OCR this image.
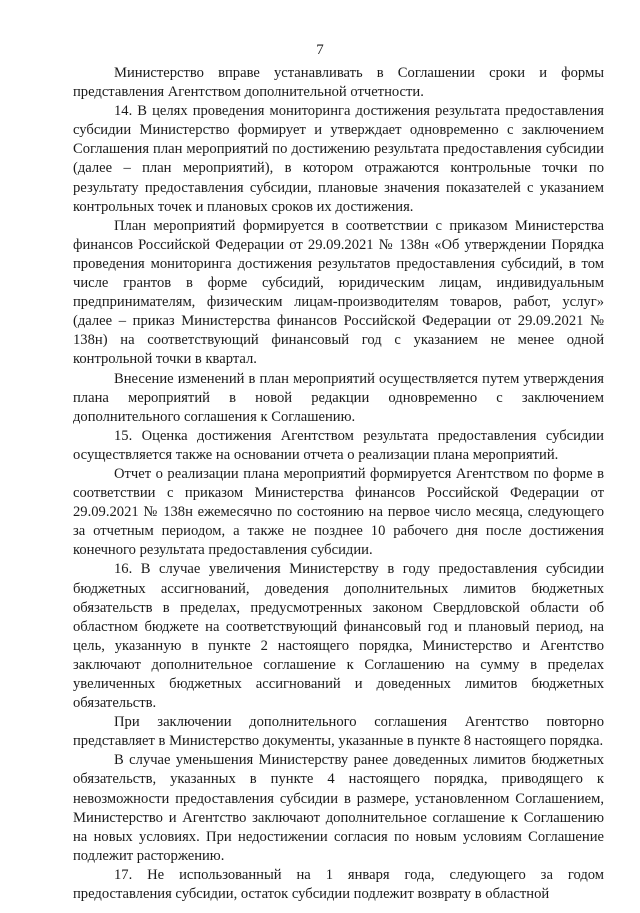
7

Министерство вправе устанавливать в Соглашении сроки и формы представления Агентством дополнительной отчетности.

14. В целях проведения мониторинга достижения результата предоставления субсидии Министерство формирует и утверждает одновременно с заключением Соглашения план мероприятий по достижению результата предоставления субсидии (далее – план мероприятий), в котором отражаются контрольные точки по результату предоставления субсидии, плановые значения показателей с указанием контрольных точек и плановых сроков их достижения.

План мероприятий формируется в соответствии с приказом Министерства финансов Российской Федерации от 29.09.2021 № 138н «Об утверждении Порядка проведения мониторинга достижения результатов предоставления субсидий, в том числе грантов в форме субсидий, юридическим лицам, индивидуальным предпринимателям, физическим лицам-производителям товаров, работ, услуг» (далее – приказ Министерства финансов Российской Федерации от 29.09.2021 № 138н) на соответствующий финансовый год с указанием не менее одной контрольной точки в квартал.

Внесение изменений в план мероприятий осуществляется путем утверждения плана мероприятий в новой редакции одновременно с заключением дополнительного соглашения к Соглашению.

15. Оценка достижения Агентством результата предоставления субсидии осуществляется также на основании отчета о реализации плана мероприятий.

Отчет о реализации плана мероприятий формируется Агентством по форме в соответствии с приказом Министерства финансов Российской Федерации от 29.09.2021 № 138н ежемесячно по состоянию на первое число месяца, следующего за отчетным периодом, а также не позднее 10 рабочего дня после достижения конечного результата предоставления субсидии.

16. В случае увеличения Министерству в году предоставления субсидии бюджетных ассигнований, доведения дополнительных лимитов бюджетных обязательств в пределах, предусмотренных законом Свердловской области об областном бюджете на соответствующий финансовый год и плановый период, на цель, указанную в пункте 2 настоящего порядка, Министерство и Агентство заключают дополнительное соглашение к Соглашению на сумму в пределах увеличенных бюджетных ассигнований и доведенных лимитов бюджетных обязательств.

При заключении дополнительного соглашения Агентство повторно представляет в Министерство документы, указанные в пункте 8 настоящего порядка.

В случае уменьшения Министерству ранее доведенных лимитов бюджетных обязательств, указанных в пункте 4 настоящего порядка, приводящего к невозможности предоставления субсидии в размере, установленном Соглашением, Министерство и Агентство заключают дополнительное соглашение к Соглашению на новых условиях. При недостижении согласия по новым условиям Соглашение подлежит расторжению.

17. Не использованный на 1 января года, следующего за годом предоставления субсидии, остаток субсидии подлежит возврату в областной
